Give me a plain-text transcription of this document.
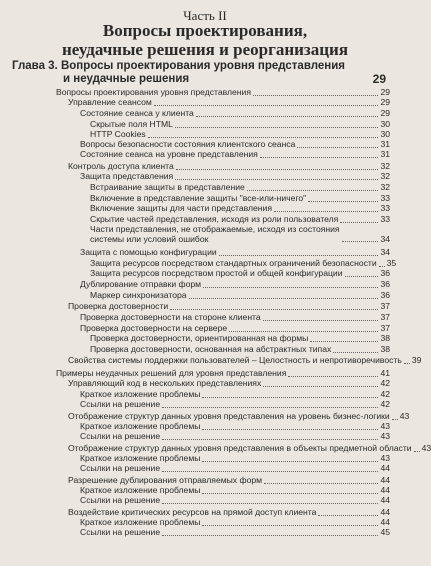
Часть II
Вопросы проектирования,
неудачные решения и реорганизация
Глава 3. Вопросы проектирования уровня представления
и неудачные решения	29
Вопросы проектирования уровня представления	29
Управление сеансом	29
Состояние сеанса у клиента	29
Скрытые поля HTML	30
HTTP Cookies	30
Вопросы безопасности состояния клиентского сеанса	31
Состояние сеанса на уровне представления	31
Контроль доступа клиента	32
Защита представления	32
Встраивание защиты в представление	32
Включение в представление защиты "все-или-ничего"	33
Включение защиты для части представления	33
Скрытие частей представления, исходя из роли пользователя	33
Части представления, не отображаемые, исходя из состояния системы или условий ошибок	34
Защита с помощью конфигурации	34
Защита ресурсов посредством стандартных ограничений безопасности 35
Защита ресурсов посредством простой и общей конфигурации	36
Дублирование отправки форм	36
Маркер синхронизатора	36
Проверка достоверности	37
Проверка достоверности на стороне клиента	37
Проверка достоверности на сервере	37
Проверка достоверности, ориентированная на формы	38
Проверка достоверности, основанная на абстрактных типах	38
Свойства системы поддержки пользователей – Целостность и непротиворечивость 39
Примеры неудачных решений для уровня представления	41
Управляющий код в нескольких представлениях	42
Краткое изложение проблемы	42
Ссылки на решение	42
Отображение структур данных уровня представления на уровень бизнес-логики 43
Краткое изложение проблемы	43
Ссылки на решение	43
Отображение структур данных уровня представления в объекты предметной области 43
Краткое изложение проблемы	43
Ссылки на решение	44
Разрешение дублирования отправляемых форм	44
Краткое изложение проблемы	44
Ссылки на решение	44
Воздействие критических ресурсов на прямой доступ клиента	44
Краткое изложение проблемы	44
Ссылки на решение	45
